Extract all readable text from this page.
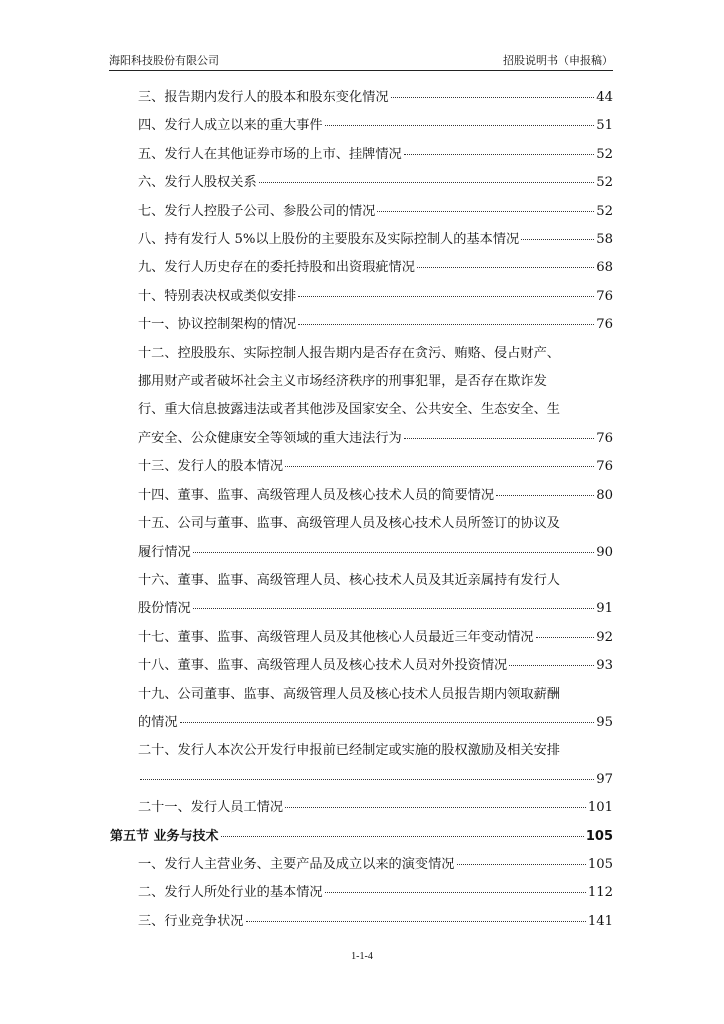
海阳科技股份有限公司	招股说明书（申报稿）
三、报告期内发行人的股本和股东变化情况	44
四、发行人成立以来的重大事件	51
五、发行人在其他证券市场的上市、挂牌情况	52
六、发行人股权关系	52
七、发行人控股子公司、参股公司的情况	52
八、持有发行人 5%以上股份的主要股东及实际控制人的基本情况	58
九、发行人历史存在的委托持股和出资瑕疵情况	68
十、特别表决权或类似安排	76
十一、协议控制架构的情况	76
十二、控股股东、实际控制人报告期内是否存在贪污、贿赂、侵占财产、
挪用财产或者破坏社会主义市场经济秩序的刑事犯罪，是否存在欺诈发
行、重大信息披露违法或者其他涉及国家安全、公共安全、生态安全、生
产安全、公众健康安全等领域的重大违法行为	76
十三、发行人的股本情况	76
十四、董事、监事、高级管理人员及核心技术人员的简要情况	80
十五、公司与董事、监事、高级管理人员及核心技术人员所签订的协议及
履行情况	90
十六、董事、监事、高级管理人员、核心技术人员及其近亲属持有发行人
股份情况	91
十七、董事、监事、高级管理人员及其他核心人员最近三年变动情况	92
十八、董事、监事、高级管理人员及核心技术人员对外投资情况	93
十九、公司董事、监事、高级管理人员及核心技术人员报告期内领取薪酬
的情况	95
二十、发行人本次公开发行申报前已经制定或实施的股权激励及相关安排
97
二十一、发行人员工情况	101
第五节 业务与技术	105
一、发行人主营业务、主要产品及成立以来的演变情况	105
二、发行人所处行业的基本情况	112
三、行业竞争状况	141
1-1-4
